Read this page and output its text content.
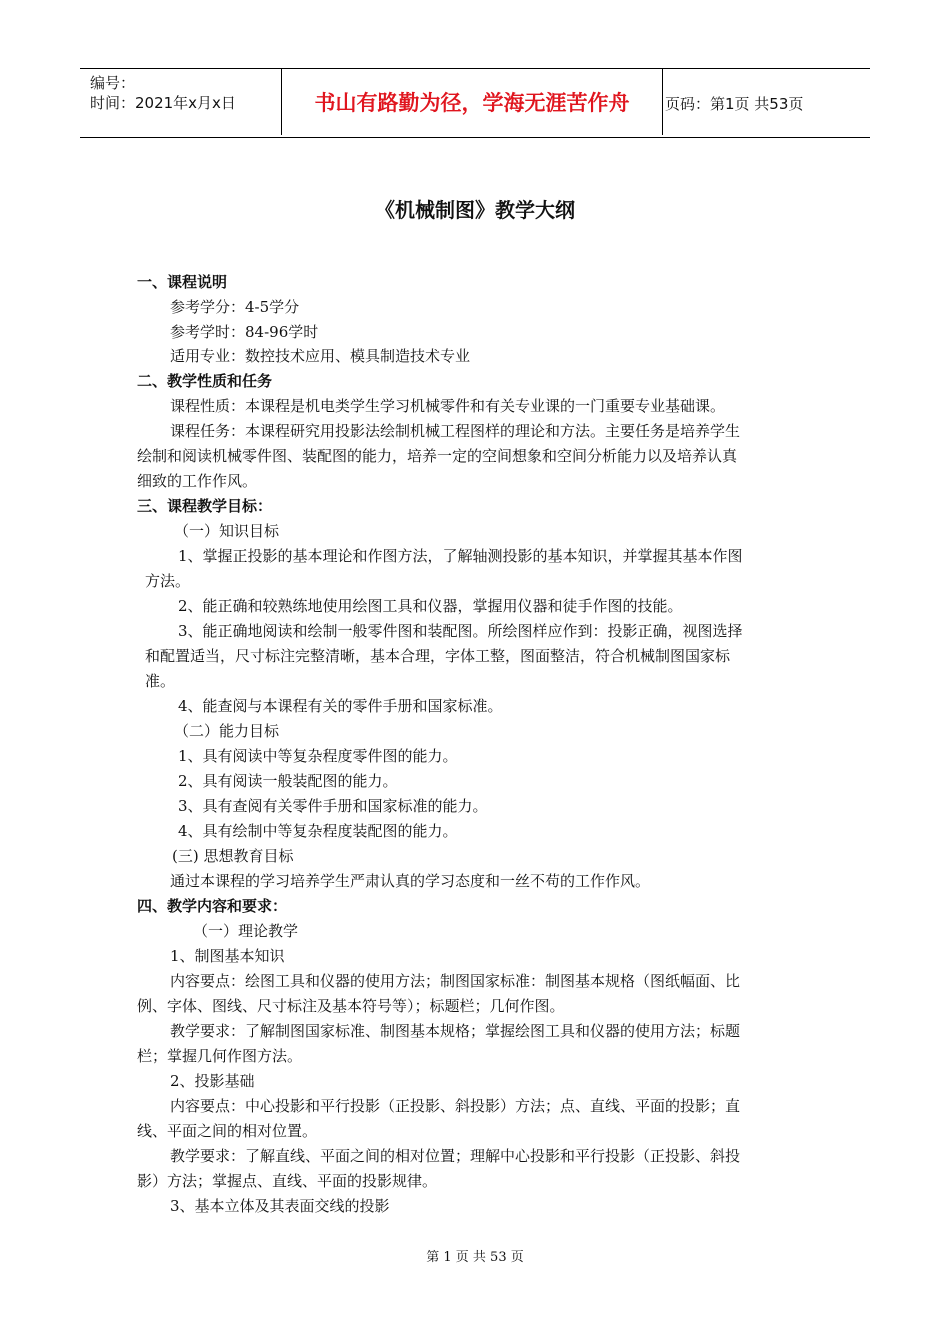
编号：
时间：2021年x月x日	书山有路勤为径，学海无涯苦作舟	页码：第1页 共53页
《机械制图》教学大纲
一、课程说明
参考学分：4-5学分
参考学时：84-96学时
适用专业：数控技术应用、模具制造技术专业
二、教学性质和任务
课程性质：本课程是机电类学生学习机械零件和有关专业课的一门重要专业基础课。
课程任务：本课程研究用投影法绘制机械工程图样的理论和方法。主要任务是培养学生
绘制和阅读机械零件图、装配图的能力，培养一定的空间想象和空间分析能力以及培养认真
细致的工作作风。
三、课程教学目标：
（一）知识目标
1、掌握正投影的基本理论和作图方法，了解轴测投影的基本知识，并掌握其基本作图
方法。
2、能正确和较熟练地使用绘图工具和仪器，掌握用仪器和徒手作图的技能。
3、能正确地阅读和绘制一般零件图和装配图。所绘图样应作到：投影正确，视图选择
和配置适当，尺寸标注完整清晰，基本合理，字体工整，图面整洁，符合机械制图国家标
准。
4、能查阅与本课程有关的零件手册和国家标准。
（二）能力目标
1、具有阅读中等复杂程度零件图的能力。
2、具有阅读一般装配图的能力。
3、具有查阅有关零件手册和国家标准的能力。
4、具有绘制中等复杂程度装配图的能力。
(三) 思想教育目标
通过本课程的学习培养学生严肃认真的学习态度和一丝不苟的工作作风。
四、教学内容和要求：
（一）理论教学
1、制图基本知识
内容要点：绘图工具和仪器的使用方法；制图国家标准：制图基本规格（图纸幅面、比
例、字体、图线、尺寸标注及基本符号等）；标题栏；几何作图。
教学要求：了解制图国家标准、制图基本规格；掌握绘图工具和仪器的使用方法；标题
栏；掌握几何作图方法。
2、投影基础
内容要点：中心投影和平行投影（正投影、斜投影）方法；点、直线、平面的投影；直
线、平面之间的相对位置。
教学要求：了解直线、平面之间的相对位置；理解中心投影和平行投影（正投影、斜投
影）方法；掌握点、直线、平面的投影规律。
3、基本立体及其表面交线的投影
第 1 页 共 53 页
